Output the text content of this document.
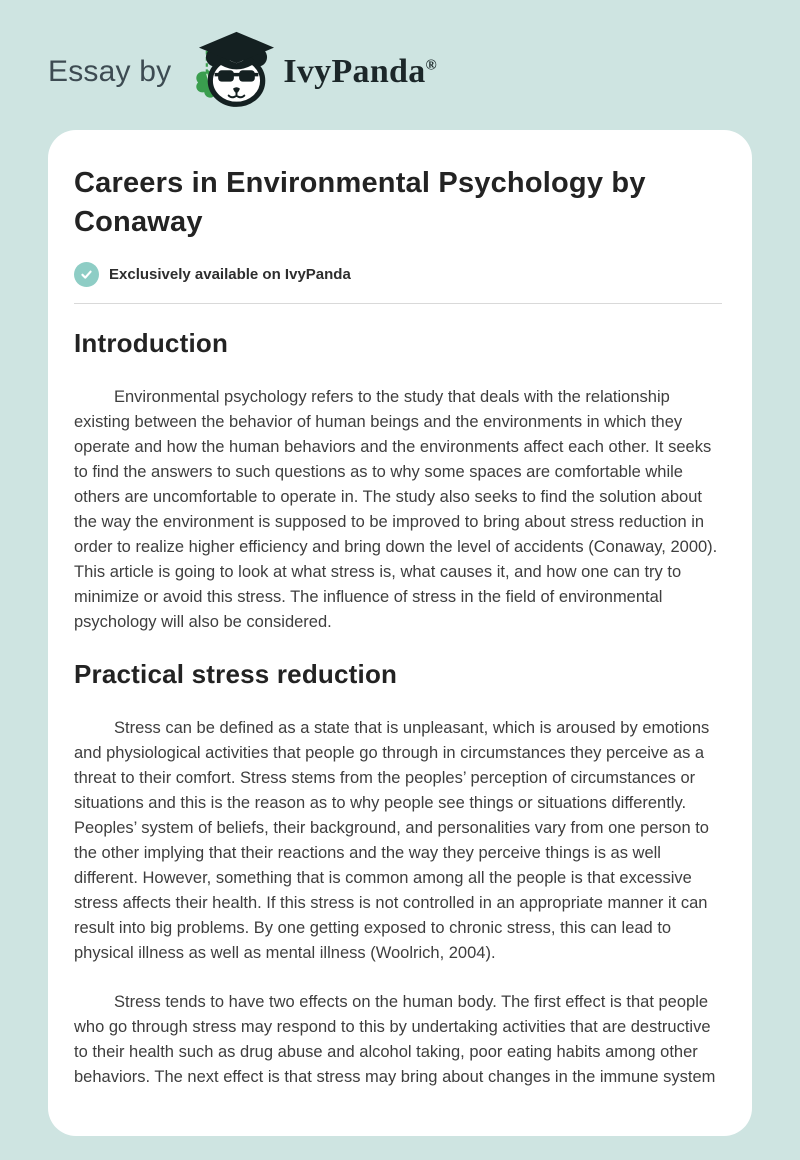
Essay by	IvyPanda®
Careers in Environmental Psychology by Conaway
Exclusively available on IvyPanda
Introduction

Environmental psychology refers to the study that deals with the relationship existing between the behavior of human beings and the environments in which they operate and how the human behaviors and the environments affect each other. It seeks to find the answers to such questions as to why some spaces are comfortable while others are uncomfortable to operate in. The study also seeks to find the solution about the way the environment is supposed to be improved to bring about stress reduction in order to realize higher efficiency and bring down the level of accidents (Conaway, 2000). This article is going to look at what stress is, what causes it, and how one can try to minimize or avoid this stress. The influence of stress in the field of environmental psychology will also be considered.

Practical stress reduction

Stress can be defined as a state that is unpleasant, which is aroused by emotions and physiological activities that people go through in circumstances they perceive as a threat to their comfort. Stress stems from the peoples’ perception of circumstances or situations and this is the reason as to why people see things or situations differently. Peoples’ system of beliefs, their background, and personalities vary from one person to the other implying that their reactions and the way they perceive things is as well different. However, something that is common among all the people is that excessive stress affects their health. If this stress is not controlled in an appropriate manner it can result into big problems. By one getting exposed to chronic stress, this can lead to physical illness as well as mental illness (Woolrich, 2004).

Stress tends to have two effects on the human body. The first effect is that people who go through stress may respond to this by undertaking activities that are destructive to their health such as drug abuse and alcohol taking, poor eating habits among other behaviors. The next effect is that stress may bring about changes in the immune system
